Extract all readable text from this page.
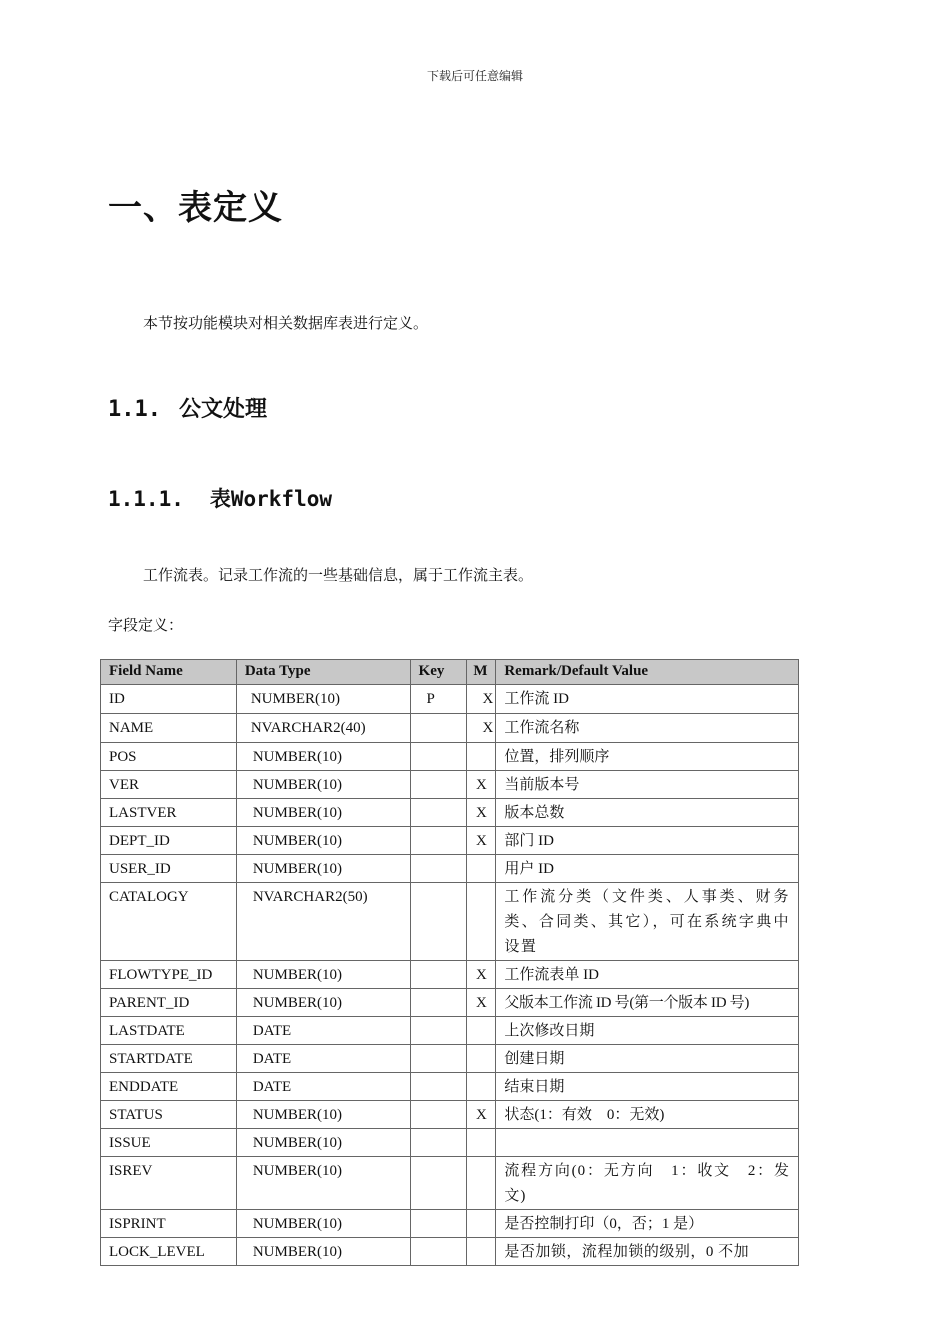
下载后可任意编辑
一、表定义
本节按功能模块对相关数据库表进行定义。
1.1. 公文处理
1.1.1. 表Workflow
工作流表。记录工作流的一些基础信息，属于工作流主表。
字段定义：
Field Name	Data Type	Key	M	Remark/Default Value
ID	NUMBER(10)	P	X	工作流 ID
NAME	NVARCHAR2(40)		X	工作流名称
POS	NUMBER(10)			位置，排列顺序
VER	NUMBER(10)		X	当前版本号
LASTVER	NUMBER(10)		X	版本总数
DEPT_ID	NUMBER(10)		X	部门 ID
USER_ID	NUMBER(10)			用户 ID
CATALOGY	NVARCHAR2(50)			工作流分类（文件类、人事类、财务类、合同类、其它），可在系统字典中设置
FLOWTYPE_ID	NUMBER(10)		X	工作流表单 ID
PARENT_ID	NUMBER(10)		X	父版本工作流 ID 号(第一个版本 ID 号)
LASTDATE	DATE			上次修改日期
STARTDATE	DATE			创建日期
ENDDATE	DATE			结束日期
STATUS	NUMBER(10)		X	状态(1：有效　0：无效)
ISSUE	NUMBER(10)			
ISREV	NUMBER(10)			流程方向(0：无方向　1：收文　2：发文)
ISPRINT	NUMBER(10)			是否控制打印（0，否；1 是）
LOCK_LEVEL	NUMBER(10)			是否加锁，流程加锁的级别，0 不加
